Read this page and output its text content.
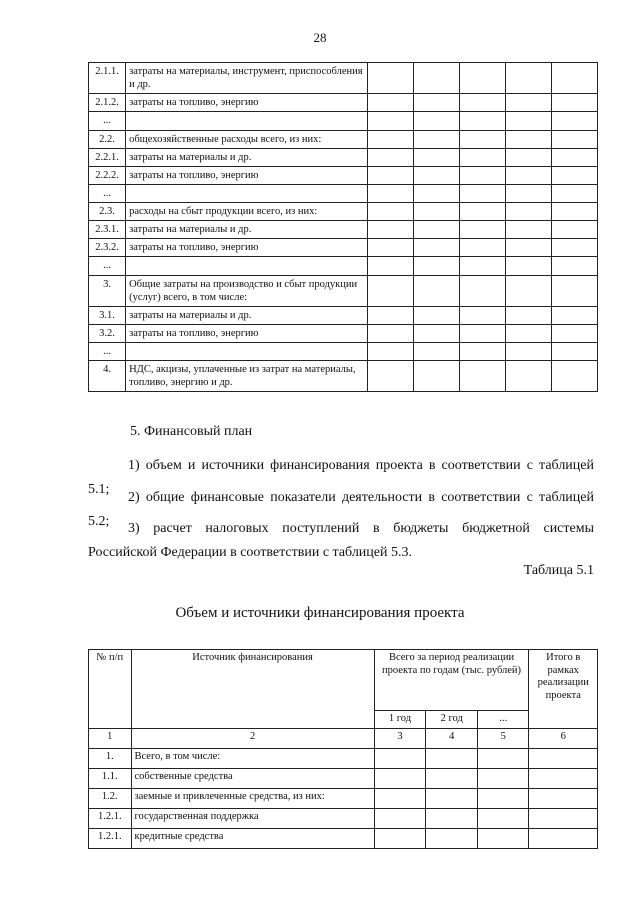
28
2.1.1.	затраты на материалы, инструмент, приспособления и др.					
2.1.2.	затраты на топливо, энергию					
...						
2.2.	общехозяйственные расходы всего, из них:					
2.2.1.	затраты на материалы и др.					
2.2.2.	затраты на топливо, энергию					
...						
2.3.	расходы на сбыт продукции всего, из них:					
2.3.1.	затраты на материалы и др.					
2.3.2.	затраты на топливо, энергию					
...						
3.	Общие затраты на производство и сбыт продукции (услуг) всего, в том числе:					
3.1.	затраты на материалы и др.					
3.2.	затраты на топливо, энергию					
...						
4.	НДС, акцизы, уплаченные из затрат на материалы, топливо, энергию и др.					
5. Финансовый план
1) объем и источники финансирования проекта в соответствии с таблицей 5.1;
2) общие финансовые показатели деятельности в соответствии с таблицей 5.2;	3) расчет налоговых поступлений в бюджеты бюджетной системы Российской Федерации в соответствии с таблицей 5.3.
Таблица 5.1
Объем и источники финансирования проекта
№ п/п	Источник финансирования	Всего за период реализации проекта по годам (тыс. рублей)			Итого в рамках реализации проекта
		1 год	2 год	...	
1	2	3	4	5	6
1.	Всего, в том числе:				
1.1.	собственные средства				
1.2.	заемные и привлеченные средства, из них:				
1.2.1.	государственная поддержка				
1.2.1.	кредитные средства				
